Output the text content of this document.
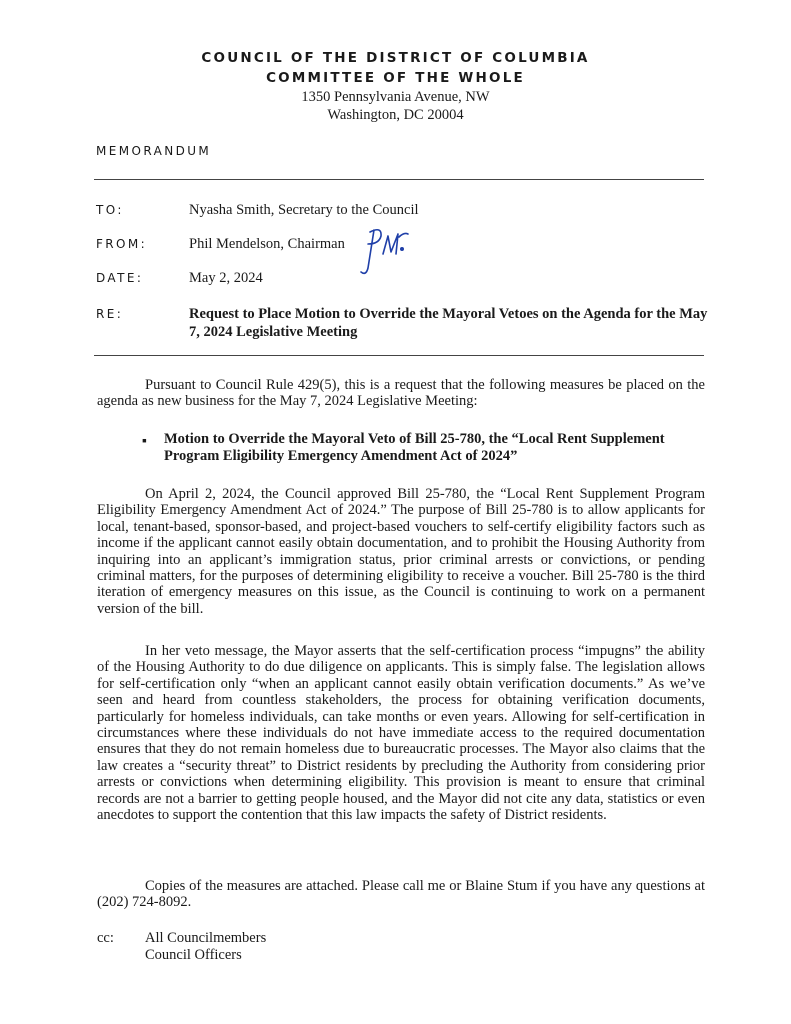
COUNCIL OF THE DISTRICT OF COLUMBIA
COMMITTEE OF THE WHOLE
1350 Pennsylvania Avenue, NW
Washington, DC 20004
MEMORANDUM
TO:	Nyasha Smith, Secretary to the Council
FROM:	Phil Mendelson, Chairman
DATE:	May 2, 2024
RE:	Request to Place Motion to Override the Mayoral Vetoes on the Agenda for the May 7, 2024 Legislative Meeting
Pursuant to Council Rule 429(5), this is a request that the following measures be placed on the agenda as new business for the May 7, 2024 Legislative Meeting:
▪ Motion to Override the Mayoral Veto of Bill 25-780, the “Local Rent Supplement Program Eligibility Emergency Amendment Act of 2024”
On April 2, 2024, the Council approved Bill 25-780, the “Local Rent Supplement Program Eligibility Emergency Amendment Act of 2024.” The purpose of Bill 25-780 is to allow applicants for local, tenant-based, sponsor-based, and project-based vouchers to self-certify eligibility factors such as income if the applicant cannot easily obtain documentation, and to prohibit the Housing Authority from inquiring into an applicant’s immigration status, prior criminal arrests or convictions, or pending criminal matters, for the purposes of determining eligibility to receive a voucher. Bill 25-780 is the third iteration of emergency measures on this issue, as the Council is continuing to work on a permanent version of the bill.
In her veto message, the Mayor asserts that the self-certification process “impugns” the ability of the Housing Authority to do due diligence on applicants. This is simply false. The legislation allows for self-certification only “when an applicant cannot easily obtain verification documents.” As we’ve seen and heard from countless stakeholders, the process for obtaining verification documents, particularly for homeless individuals, can take months or even years. Allowing for self-certification in circumstances where these individuals do not have immediate access to the required documentation ensures that they do not remain homeless due to bureaucratic processes. The Mayor also claims that the law creates a “security threat” to District residents by precluding the Authority from considering prior arrests or convictions when determining eligibility. This provision is meant to ensure that criminal records are not a barrier to getting people housed, and the Mayor did not cite any data, statistics or even anecdotes to support the contention that this law impacts the safety of District residents.
Copies of the measures are attached. Please call me or Blaine Stum if you have any questions at (202) 724-8092.
cc: All Councilmembers
Council Officers
